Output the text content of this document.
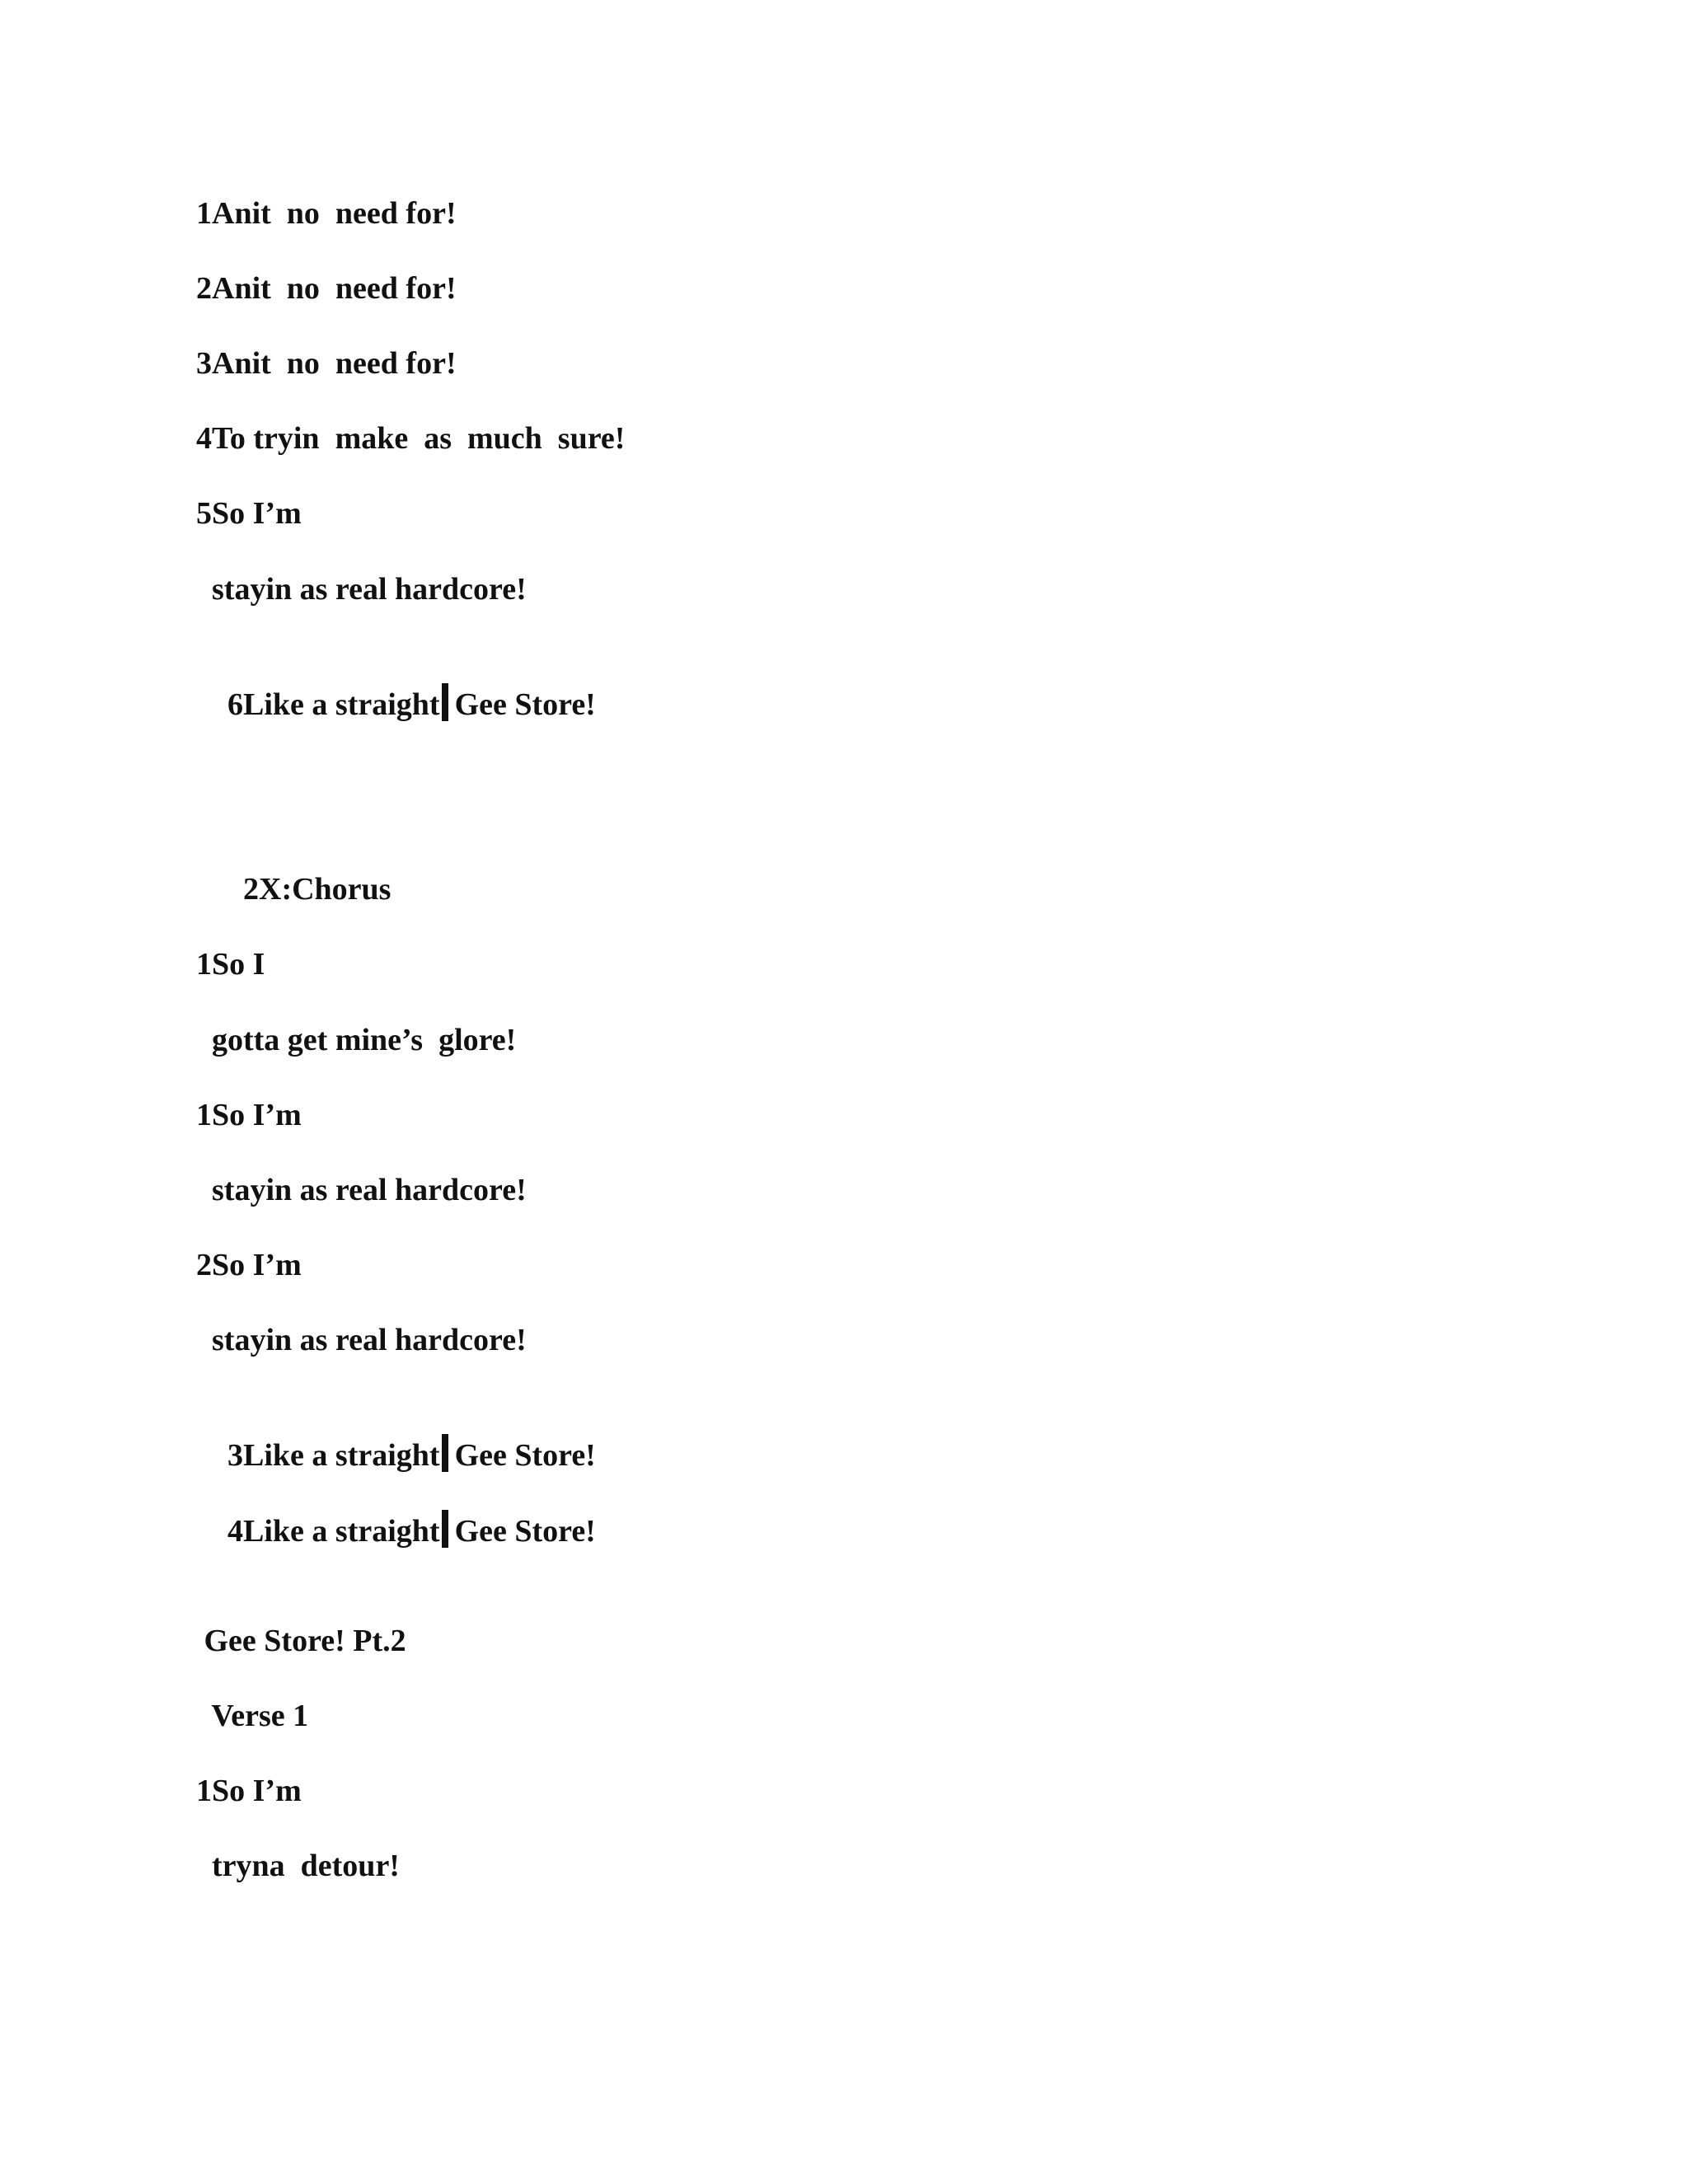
1Anit  no  need for!
2Anit  no  need for!
3Anit  no  need for!
4To tryin  make  as  much  sure!
5So I’m
stayin as real hardcore!

6Like a straight Gee Store!

2X:Chorus
1So I
gotta get mine’s  glore!
1So I’m
stayin as real hardcore!
2So I’m
stayin as real hardcore!

3Like a straight Gee Store!

4Like a straight Gee Store!

Gee Store! Pt.2
Verse 1
1So I’m
tryna  detour!
